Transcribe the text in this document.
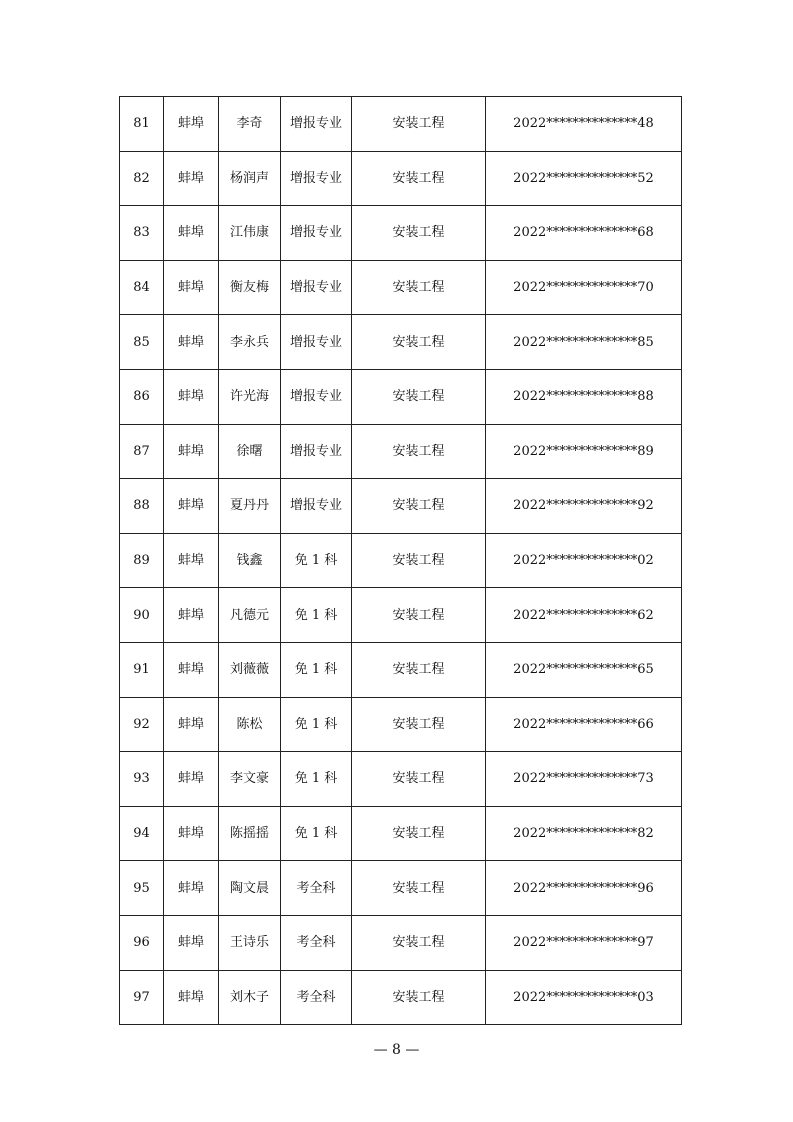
81	蚌埠	李奇	增报专业	安装工程	2022**************48
82	蚌埠	杨润声	增报专业	安装工程	2022**************52
83	蚌埠	江伟康	增报专业	安装工程	2022**************68
84	蚌埠	衡友梅	增报专业	安装工程	2022**************70
85	蚌埠	李永兵	增报专业	安装工程	2022**************85
86	蚌埠	许光海	增报专业	安装工程	2022**************88
87	蚌埠	徐曙	增报专业	安装工程	2022**************89
88	蚌埠	夏丹丹	增报专业	安装工程	2022**************92
89	蚌埠	钱鑫	免 1 科	安装工程	2022**************02
90	蚌埠	凡德元	免 1 科	安装工程	2022**************62
91	蚌埠	刘薇薇	免 1 科	安装工程	2022**************65
92	蚌埠	陈松	免 1 科	安装工程	2022**************66
93	蚌埠	李文豪	免 1 科	安装工程	2022**************73
94	蚌埠	陈摇摇	免 1 科	安装工程	2022**************82
95	蚌埠	陶文晨	考全科	安装工程	2022**************96
96	蚌埠	王诗乐	考全科	安装工程	2022**************97
97	蚌埠	刘木子	考全科	安装工程	2022**************03
— 8 —
